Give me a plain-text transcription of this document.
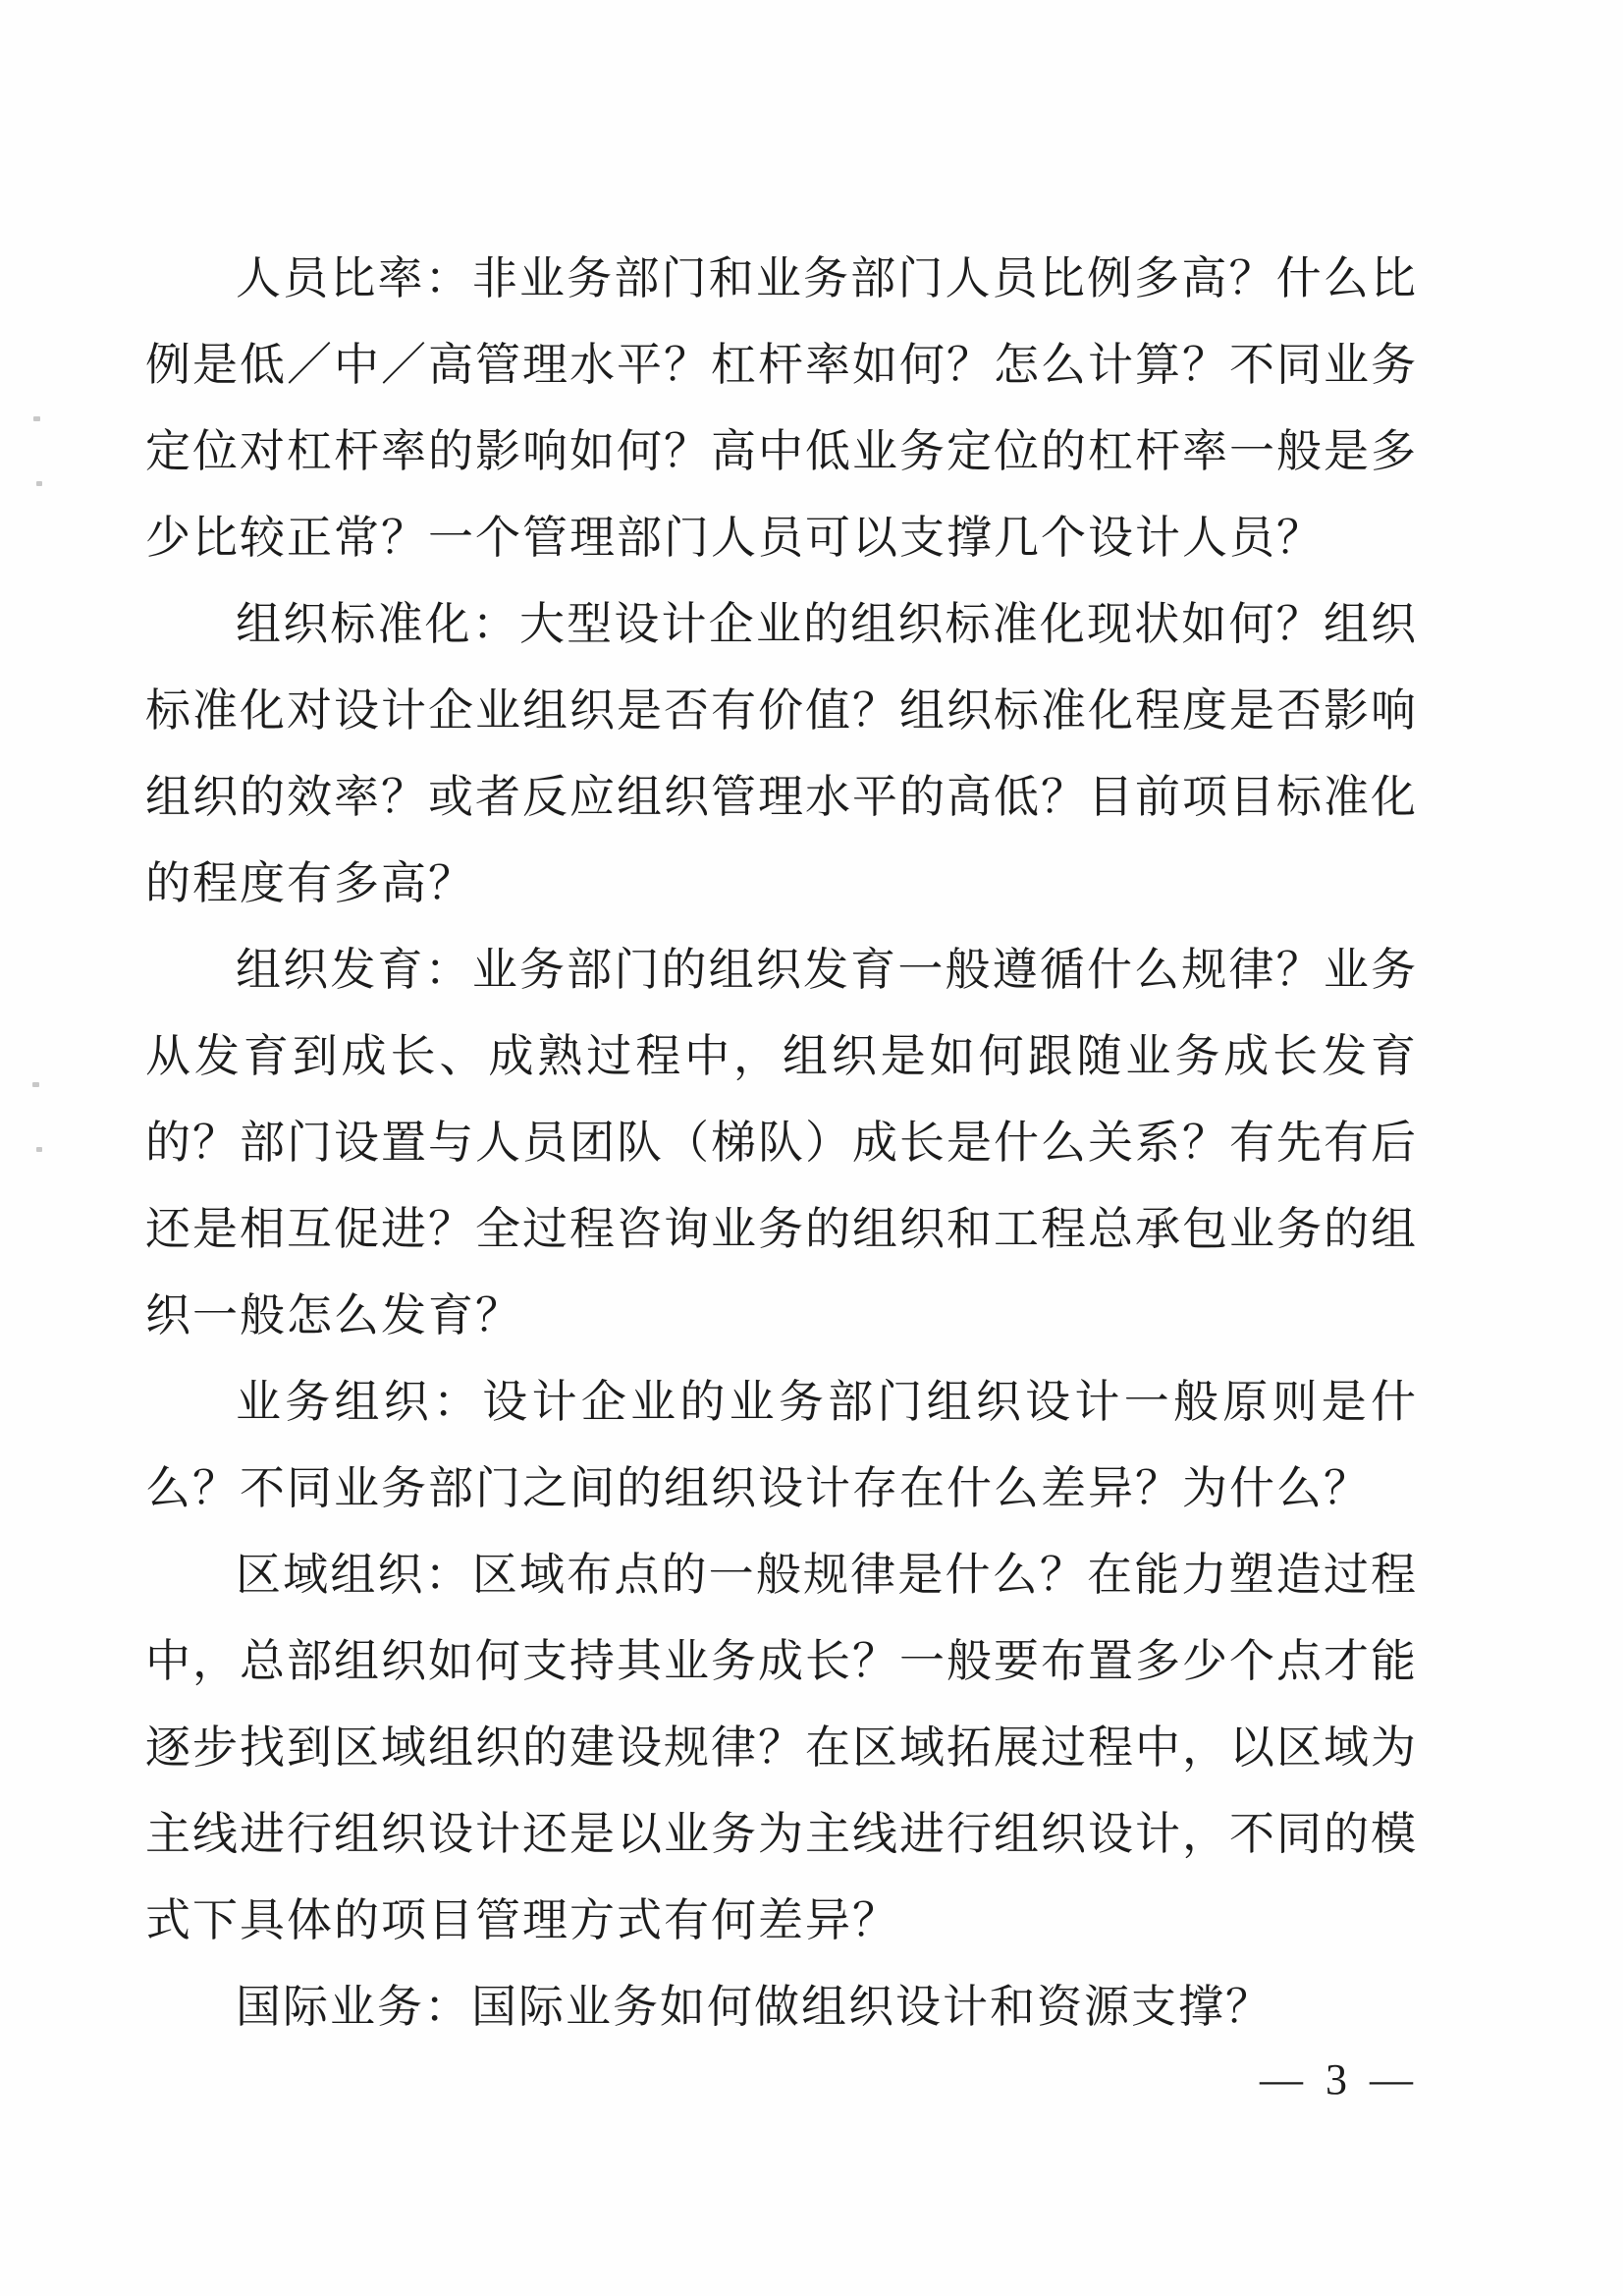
人员比率：非业务部门和业务部门人员比例多高？什么比例是低／中／高管理水平？杠杆率如何？怎么计算？不同业务定位对杠杆率的影响如何？高中低业务定位的杠杆率一般是多少比较正常？一个管理部门人员可以支撑几个设计人员？

组织标准化：大型设计企业的组织标准化现状如何？组织标准化对设计企业组织是否有价值？组织标准化程度是否影响组织的效率？或者反应组织管理水平的高低？目前项目标准化的程度有多高？

组织发育：业务部门的组织发育一般遵循什么规律？业务从发育到成长、成熟过程中，组织是如何跟随业务成长发育的？部门设置与人员团队（梯队）成长是什么关系？有先有后还是相互促进？全过程咨询业务的组织和工程总承包业务的组织一般怎么发育？

业务组织：设计企业的业务部门组织设计一般原则是什么？不同业务部门之间的组织设计存在什么差异？为什么？

区域组织：区域布点的一般规律是什么？在能力塑造过程中，总部组织如何支持其业务成长？一般要布置多少个点才能逐步找到区域组织的建设规律？在区域拓展过程中，以区域为主线进行组织设计还是以业务为主线进行组织设计，不同的模式下具体的项目管理方式有何差异？

国际业务：国际业务如何做组织设计和资源支撑？

— 3 —
